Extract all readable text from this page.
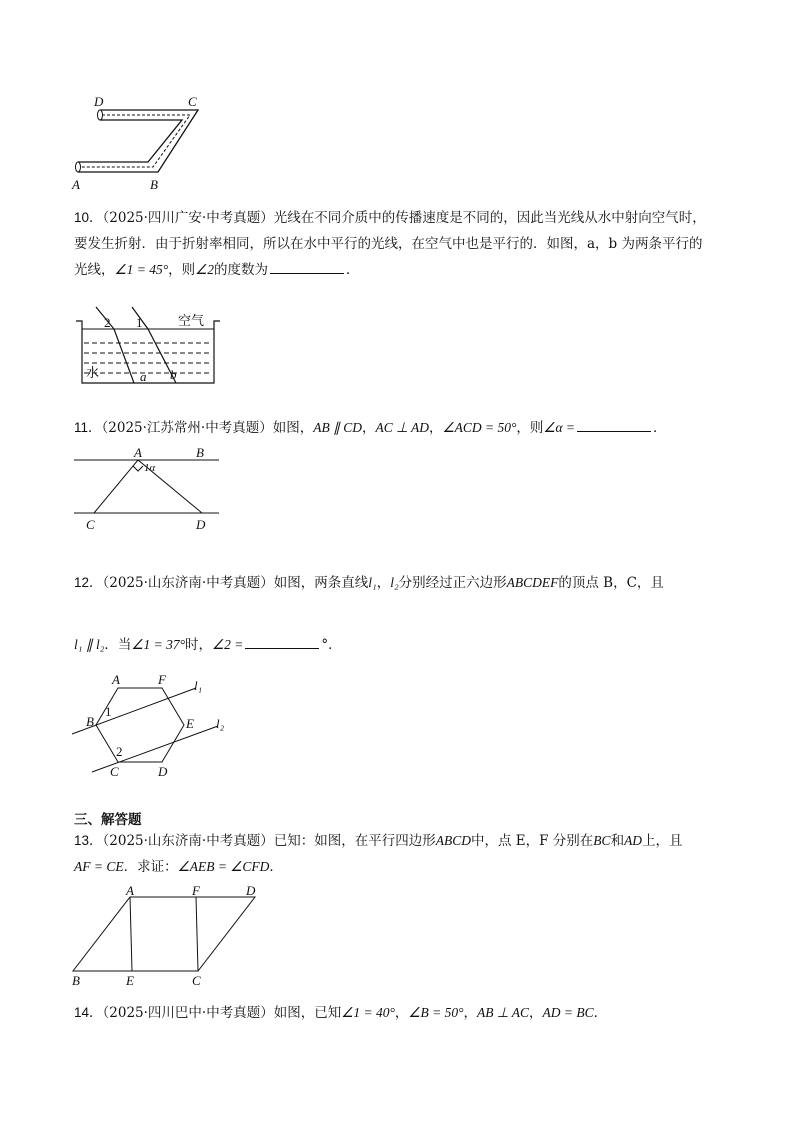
D	C
A	B
10．（2025·四川广安·中考真题）光线在不同介质中的传播速度是不同的，因此当光线从水中射向空气时，
要发生折射．由于折射率相同，所以在水中平行的光线，在空气中也是平行的．如图，a，b 为两条平行的
光线，∠1 = 45°，则∠2的度数为	．
2 1	空气
水	a b
11．（2025·江苏常州·中考真题）如图，AB ∥ CD，AC ⊥ AD，∠ACD = 50°，则∠α =	．
A	B
1α
C	D
12．（2025·山东济南·中考真题）如图，两条直线l₁，l₂分别经过正六边形ABCDEF的顶点 B，C，且
l₁ ∥ l₂．当∠1 = 37°时，∠2 =	°．
A	F l₁
B
1
E l₂
2
C	D
三、解答题
13．（2025·山东济南·中考真题）已知：如图，在平行四边形ABCD中，点 E，F 分别在BC和AD上，且
AF = CE．求证：∠AEB = ∠CFD．
A	F	D
B	E	C
14．（2025·四川巴中·中考真题）如图，已知∠1 = 40°，∠B = 50°，AB ⊥ AC，AD = BC．
